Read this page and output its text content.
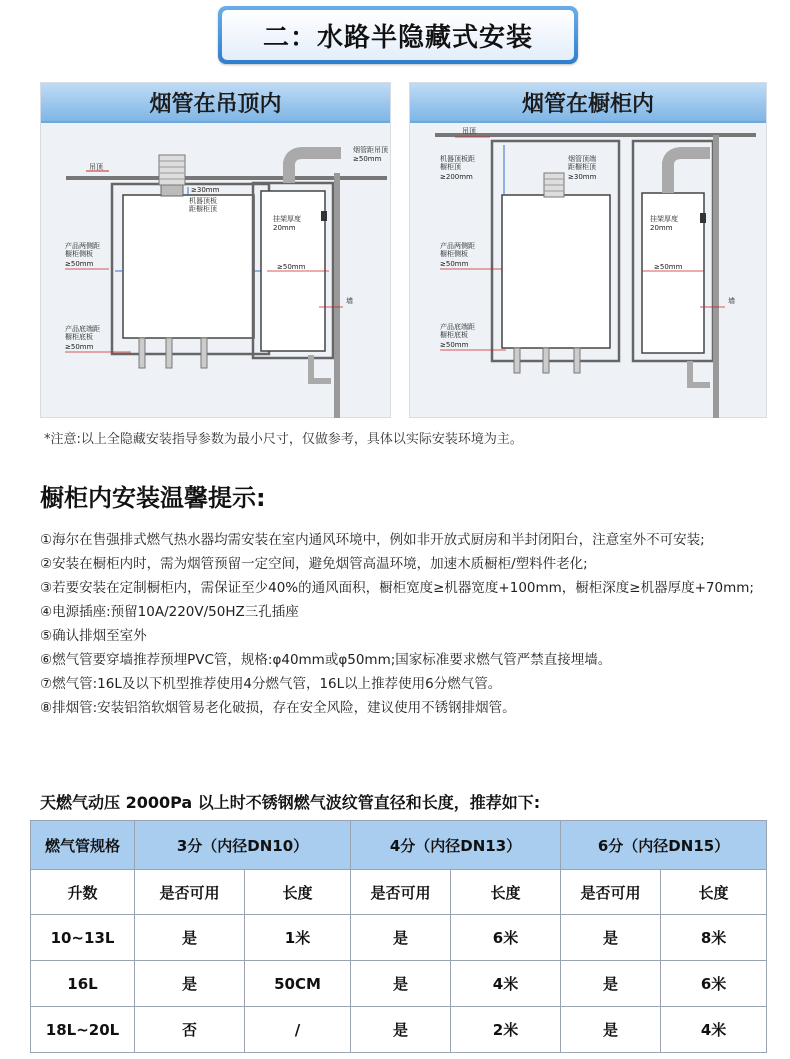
二：水路半隐藏式安装
烟管在吊顶内
吊顶
≥30mm
机器顶板
距橱柜顶
产品两侧距
橱柜侧板
≥50mm
产品底端距
橱柜底板
≥50mm
烟管距吊顶
≥50mm
挂架厚度
20mm
≥50mm
墙
烟管在橱柜内
吊顶
机器顶板距
橱柜顶
≥200mm
烟管顶端
距橱柜顶
≥30mm
产品两侧距
橱柜侧板
≥50mm
产品底端距
橱柜底板
≥50mm
挂架厚度
20mm
≥50mm
墙
*注意:以上全隐藏安装指导参数为最小尺寸，仅做参考，具体以实际安装环境为主。
橱柜内安装温馨提示:

①海尔在售强排式燃气热水器均需安装在室内通风环境中，例如非开放式厨房和半封闭阳台，注意室外不可安装;

②安装在橱柜内时，需为烟管预留一定空间，避免烟管高温环境，加速木质橱柜/塑料件老化;

③若要安装在定制橱柜内，需保证至少40%的通风面积，橱柜宽度≥机器宽度+100mm，橱柜深度≥机器厚度+70mm;

④电源插座:预留10A/220V/50HZ三孔插座

⑤确认排烟至室外

⑥燃气管要穿墙推荐预埋PVC管，规格:φ40mm或φ50mm;国家标准要求燃气管严禁直接埋墙。

⑦燃气管:16L及以下机型推荐使用4分燃气管，16L以上推荐使用6分燃气管。

⑧排烟管:安装铝箔软烟管易老化破损，存在安全风险，建议使用不锈钢排烟管。

天燃气动压 2000Pa 以上时不锈钢燃气波纹管直径和长度，推荐如下:
燃气管规格	3分（内径DN10）		4分（内径DN13）		6分（内径DN15）	
升数	是否可用	长度	是否可用	长度	是否可用	长度
10~13L	是	1米	是	6米	是	8米
16L	是	50CM	是	4米	是	6米
18L~20L	否	/	是	2米	是	4米
